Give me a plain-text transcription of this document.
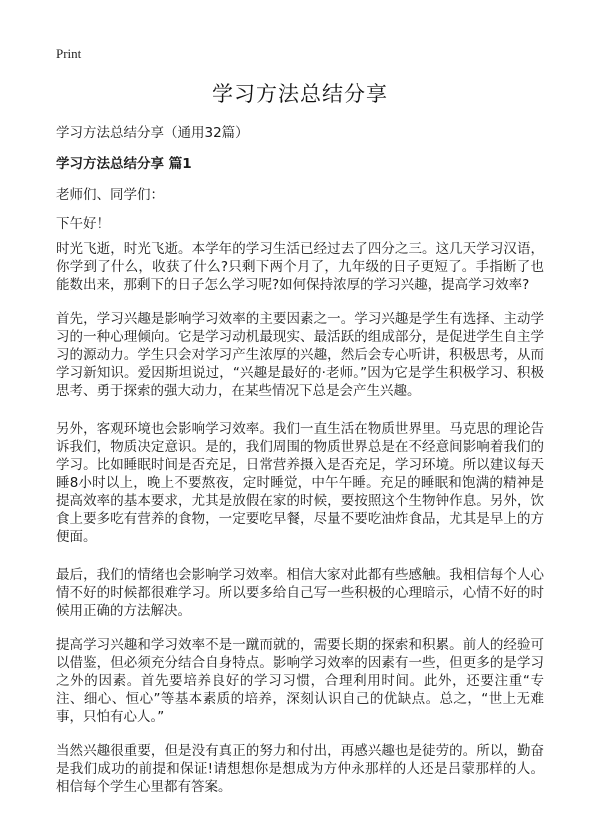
Print
学习方法总结分享
学习方法总结分享（通用32篇）
学习方法总结分享 篇1
老师们、同学们：
下午好！
时光飞逝，时光飞逝。本学年的学习生活已经过去了四分之三。这几天学习汉语，你学到了什么，收获了什么?只剩下两个月了，九年级的日子更短了。手指断了也能数出来，那剩下的日子怎么学习呢?如何保持浓厚的学习兴趣，提高学习效率?
首先，学习兴趣是影响学习效率的主要因素之一。学习兴趣是学生有选择、主动学习的一种心理倾向。它是学习动机最现实、最活跃的组成部分，是促进学生自主学习的源动力。学生只会对学习产生浓厚的兴趣，然后会专心听讲，积极思考，从而学习新知识。爱因斯坦说过，“兴趣是最好的·老师。”因为它是学生积极学习、积极思考、勇于探索的强大动力，在某些情况下总是会产生兴趣。
另外，客观环境也会影响学习效率。我们一直生活在物质世界里。马克思的理论告诉我们，物质决定意识。是的，我们周围的物质世界总是在不经意间影响着我们的学习。比如睡眠时间是否充足，日常营养摄入是否充足，学习环境。所以建议每天睡8小时以上，晚上不要熬夜，定时睡觉，中午午睡。充足的睡眠和饱满的精神是提高效率的基本要求，尤其是放假在家的时候，要按照这个生物钟作息。另外，饮食上要多吃有营养的食物，一定要吃早餐，尽量不要吃油炸食品，尤其是早上的方便面。
最后，我们的情绪也会影响学习效率。相信大家对此都有些感触。我相信每个人心情不好的时候都很难学习。所以要多给自己写一些积极的心理暗示，心情不好的时候用正确的方法解决。
提高学习兴趣和学习效率不是一蹴而就的，需要长期的探索和积累。前人的经验可以借鉴，但必须充分结合自身特点。影响学习效率的因素有一些，但更多的是学习之外的因素。首先要培养良好的学习习惯，合理利用时间。此外，还要注重“专注、细心、恒心”等基本素质的培养，深刻认识自己的优缺点。总之，“世上无难事，只怕有心人。”
当然兴趣很重要，但是没有真正的努力和付出，再感兴趣也是徒劳的。所以，勤奋是我们成功的前提和保证!请想想你是想成为方仲永那样的人还是吕蒙那样的人。相信每个学生心里都有答案。
